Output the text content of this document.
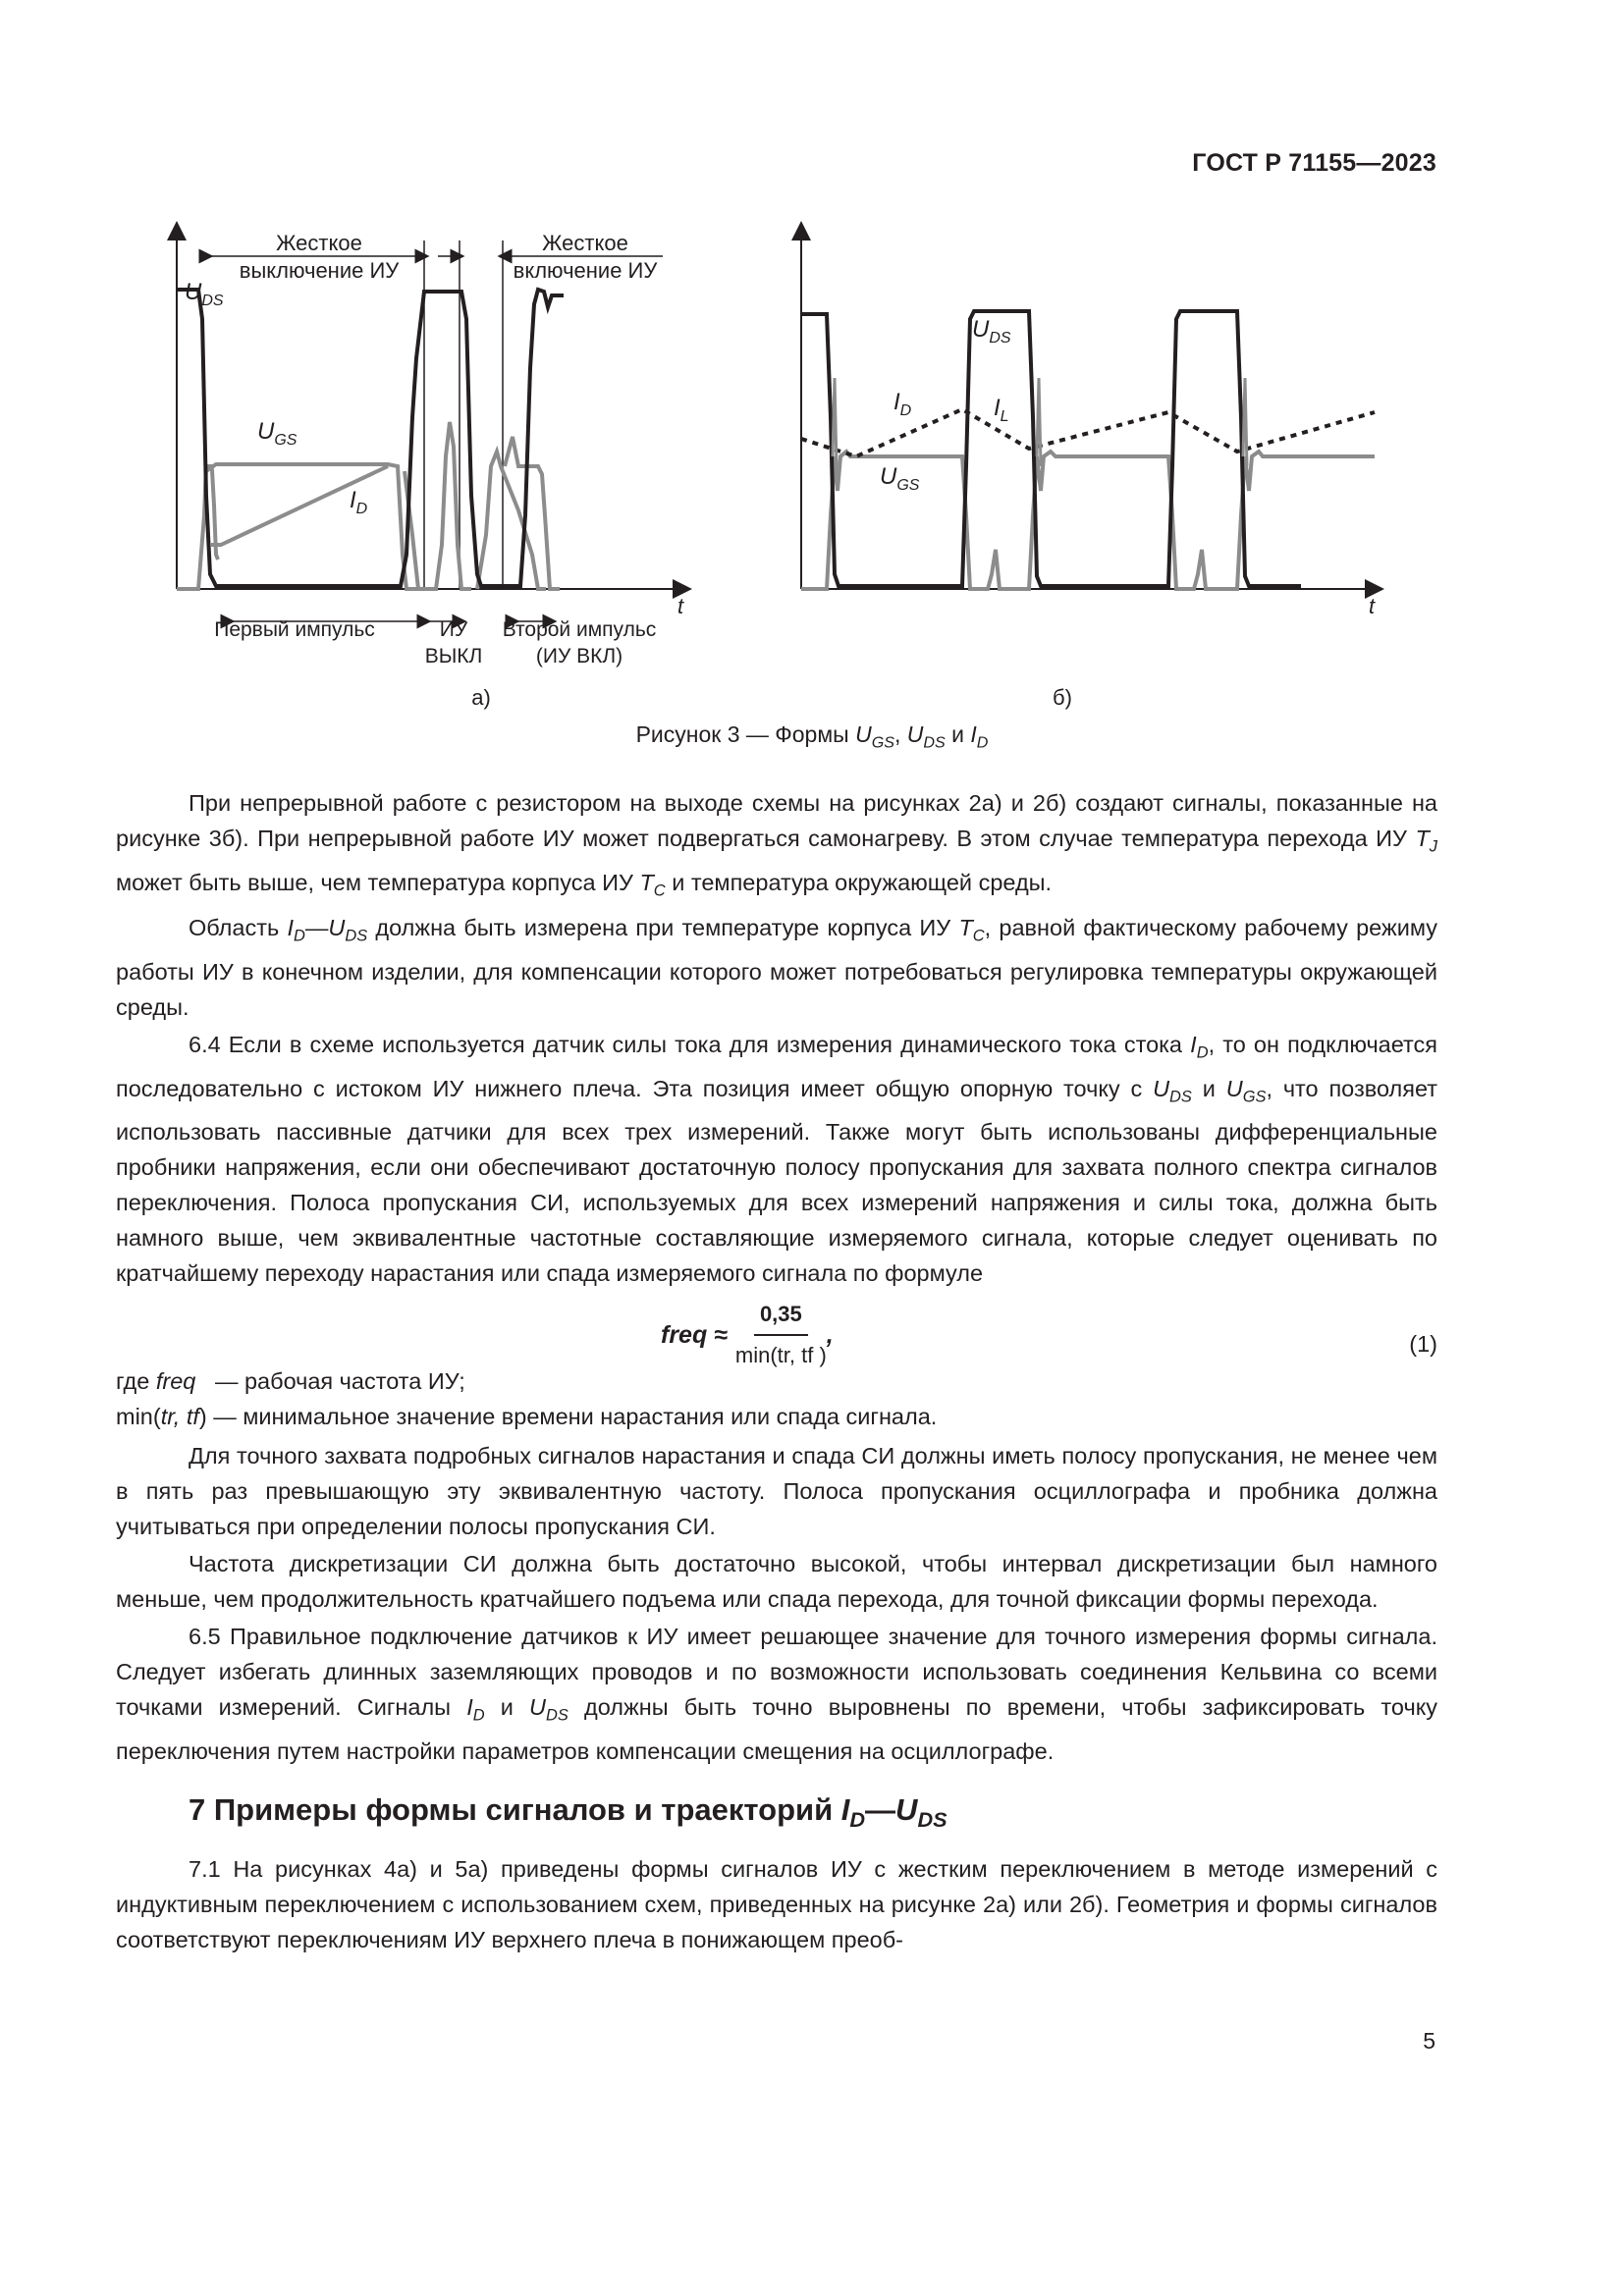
ГОСТ Р 71155—2023
Жесткое
выключение ИУ
Жесткое
включение ИУ
$U_{DS}$
$U_{GS}$
$I_D$
t
Первый импульс	ИУ
ВЫКЛ
Второй импульс
(ИУ ВКЛ)
а)
$U_{DS}$
$I_D$	$I_L$
$U_{GS}$
t
б)
Рисунок 3 — Формы $U_{GS}$, $U_{DS}$ и $I_D$

При непрерывной работе с резистором на выходе схемы на рисунках 2а) и 2б) создают сигналы, показанные на рисунке 3б). При непрерывной работе ИУ может подвергаться самонагреву. В этом случае температура перехода ИУ $T_J$ может быть выше, чем температура корпуса ИУ $T_C$ и температура окружающей среды.

Область $I_D—U_{DS}$ должна быть измерена при температуре корпуса ИУ $T_C$, равной фактическому рабочему режиму работы ИУ в конечном изделии, для компенсации которого может потребоваться регулировка температуры окружающей среды.

6.4 Если в схеме используется датчик силы тока для измерения динамического тока стока $I_D$, то он подключается последовательно с истоком ИУ нижнего плеча. Эта позиция имеет общую опорную точку с $U_{DS}$ и $U_{GS}$, что позволяет использовать пассивные датчики для всех трех измерений. Также могут быть использованы дифференциальные пробники напряжения, если они обеспечивают достаточную полосу пропускания для захвата полного спектра сигналов переключения. Полоса пропускания СИ, используемых для всех измерений напряжения и силы тока, должна быть намного выше, чем эквивалентные частотные составляющие измеряемого сигнала, которые следует оценивать по кратчайшему переходу нарастания или спада измеряемого сигнала по формуле

freq ≈ $\frac{0,35}{\min(tr, tf )}$ ,	(1)

где freq — рабочая частота ИУ;

min(tr, tf) — минимальное значение времени нарастания или спада сигнала.

Для точного захвата подробных сигналов нарастания и спада СИ должны иметь полосу пропускания, не менее чем в пять раз превышающую эту эквивалентную частоту. Полоса пропускания осциллографа и пробника должна учитываться при определении полосы пропускания СИ.

Частота дискретизации СИ должна быть достаточно высокой, чтобы интервал дискретизации был намного меньше, чем продолжительность кратчайшего подъема или спада перехода, для точной фиксации формы перехода.

6.5 Правильное подключение датчиков к ИУ имеет решающее значение для точного измерения формы сигнала. Следует избегать длинных заземляющих проводов и по возможности использовать соединения Кельвина со всеми точками измерений. Сигналы $I_D$ и $U_{DS}$ должны быть точно выровнены по времени, чтобы зафиксировать точку переключения путем настройки параметров компенсации смещения на осциллографе.

7 Примеры формы сигналов и траекторий $I_D—U_{DS}$

7.1 На рисунках 4а) и 5а) приведены формы сигналов ИУ с жестким переключением в методе измерений с индуктивным переключением с использованием схем, приведенных на рисунке 2а) или 2б). Геометрия и формы сигналов соответствуют переключениям ИУ верхнего плеча в понижающем преоб-

5
